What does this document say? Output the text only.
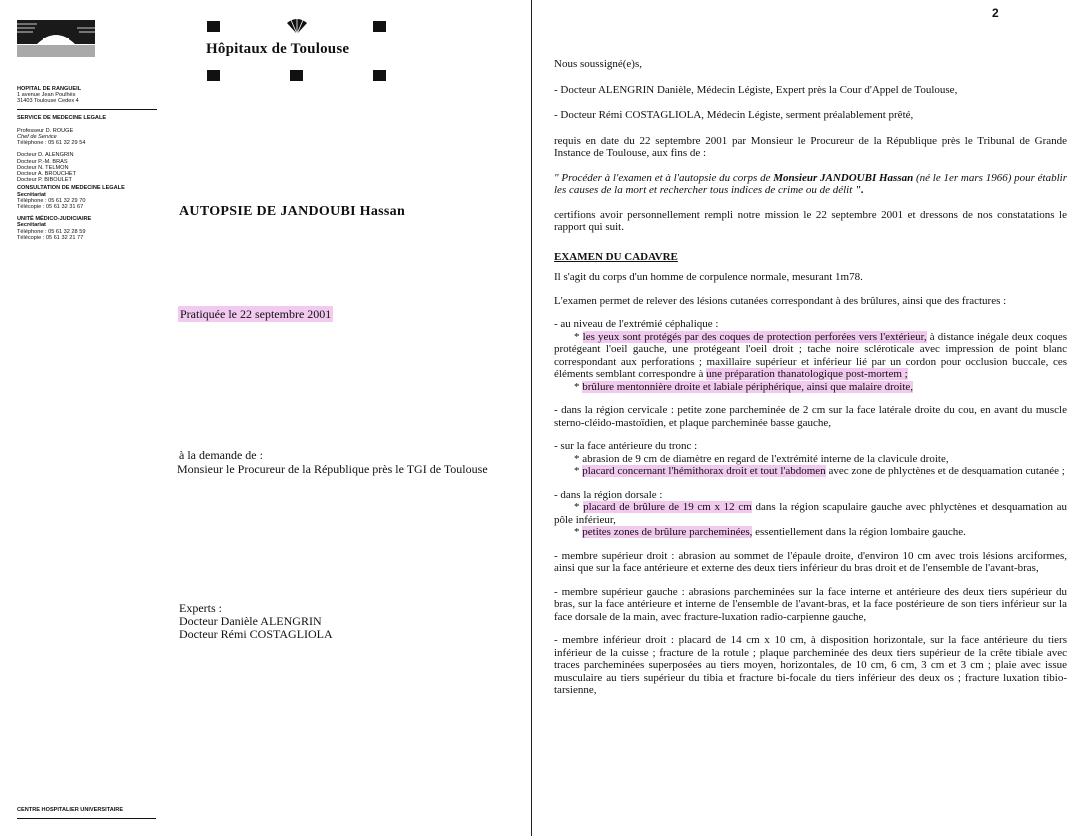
Hôpitaux de Toulouse
HOPITAL DE RANGUEIL
1 avenue Jean Poulhès
31403 Toulouse Cedex 4
SERVICE DE MEDECINE LEGALE
Professeur D. ROUGE
Chef de Service
Téléphone : 05 61 32 29 54
Docteur D. ALENGRIN
Docteur P.-M. BRAS
Docteur N. TELMON
Docteur A. BROUCHET
Docteur P. BIBOULET
CONSULTATION DE MEDECINE LEGALE
Secrétariat
Téléphone : 05 61 32 29 70
Télécopie : 05 61 32 31 67
UNITÉ MÉDICO-JUDICIAIRE
Secrétariat
Téléphone : 05 61 32 28 59
Télécopie : 05 61 32 21 77
AUTOPSIE DE JANDOUBI Hassan
Pratiquée le 22 septembre 2001
à la demande de :
Monsieur le Procureur de la République près le TGI de Toulouse
Experts :
Docteur Danièle ALENGRIN
Docteur Rémi COSTAGLIOLA
CENTRE HOSPITALIER UNIVERSITAIRE
2

Nous soussigné(e)s,

- Docteur ALENGRIN Danièle, Médecin Légiste, Expert près la Cour d'Appel de Toulouse,

- Docteur Rémi COSTAGLIOLA, Médecin Légiste, serment préalablement prêté,

requis en date du 22 septembre 2001 par Monsieur le Procureur de la République près le Tribunal de Grande Instance de Toulouse, aux fins de :

" Procéder à l'examen et à l'autopsie du corps de Monsieur JANDOUBI Hassan (né le 1er mars 1966) pour établir les causes de la mort et rechercher tous indices de crime ou de délit ".

certifions avoir personnellement rempli notre mission le 22 septembre 2001 et dressons de nos constatations le rapport qui suit.

EXAMEN DU CADAVRE

Il s'agit du corps d'un homme de corpulence normale, mesurant 1m78.

L'examen permet de relever des lésions cutanées correspondant à des brûlures, ainsi que des fractures :

- au niveau de l'extrémié céphalique :

* les yeux sont protégés par des coques de protection perforées vers l'extérieur, à distance inégale deux coques protégeant l'oeil gauche, une protégeant l'oeil droit ; tache noire scléroticale avec impression de point blanc correspondant aux perforations ; maxillaire supérieur et inférieur lié par un cordon pour occlusion buccale, ces éléments semblant correspondre à une préparation thanatologique post-mortem ;

* brûlure mentonnière droite et labiale périphérique, ainsi que malaire droite,

- dans la région cervicale : petite zone parcheminée de 2 cm sur la face latérale droite du cou, en avant du muscle sterno-cléido-mastoïdien, et plaque parcheminée basse gauche,

- sur la face antérieure du tronc :

* abrasion de 9 cm de diamètre en regard de l'extrémité interne de la clavicule droite,

* placard concernant l'hémithorax droit et tout l'abdomen avec zone de phlyctènes et de desquamation cutanée ;

- dans la région dorsale :

* placard de brûlure de 19 cm x 12 cm dans la région scapulaire gauche avec phlyctènes et desquamation au pôle inférieur,

* petites zones de brûlure parcheminées, essentiellement dans la région lombaire gauche.

- membre supérieur droit : abrasion au sommet de l'épaule droite, d'environ 10 cm avec trois lésions arciformes, ainsi que sur la face antérieure et externe des deux tiers inférieur du bras droit et de l'ensemble de l'avant-bras,

- membre supérieur gauche : abrasions parcheminées sur la face interne et antérieure des deux tiers supérieur du bras, sur la face antérieure et interne de l'ensemble de l'avant-bras, et la face postérieure de son tiers inférieur sur la face dorsale de la main, avec fracture-luxation radio-carpienne gauche,

- membre inférieur droit : placard de 14 cm x 10 cm, à disposition horizontale, sur la face antérieure du tiers inférieur de la cuisse ; fracture de la rotule ; plaque parcheminée des deux tiers supérieur de la crête tibiale avec traces parcheminées superposées au tiers moyen, horizontales, de 10 cm, 6 cm, 3 cm et 3 cm ; plaie avec issue musculaire au tiers supérieur du tibia et fracture bi-focale du tiers inférieur des deux os ; fracture luxation tibio-tarsienne,
